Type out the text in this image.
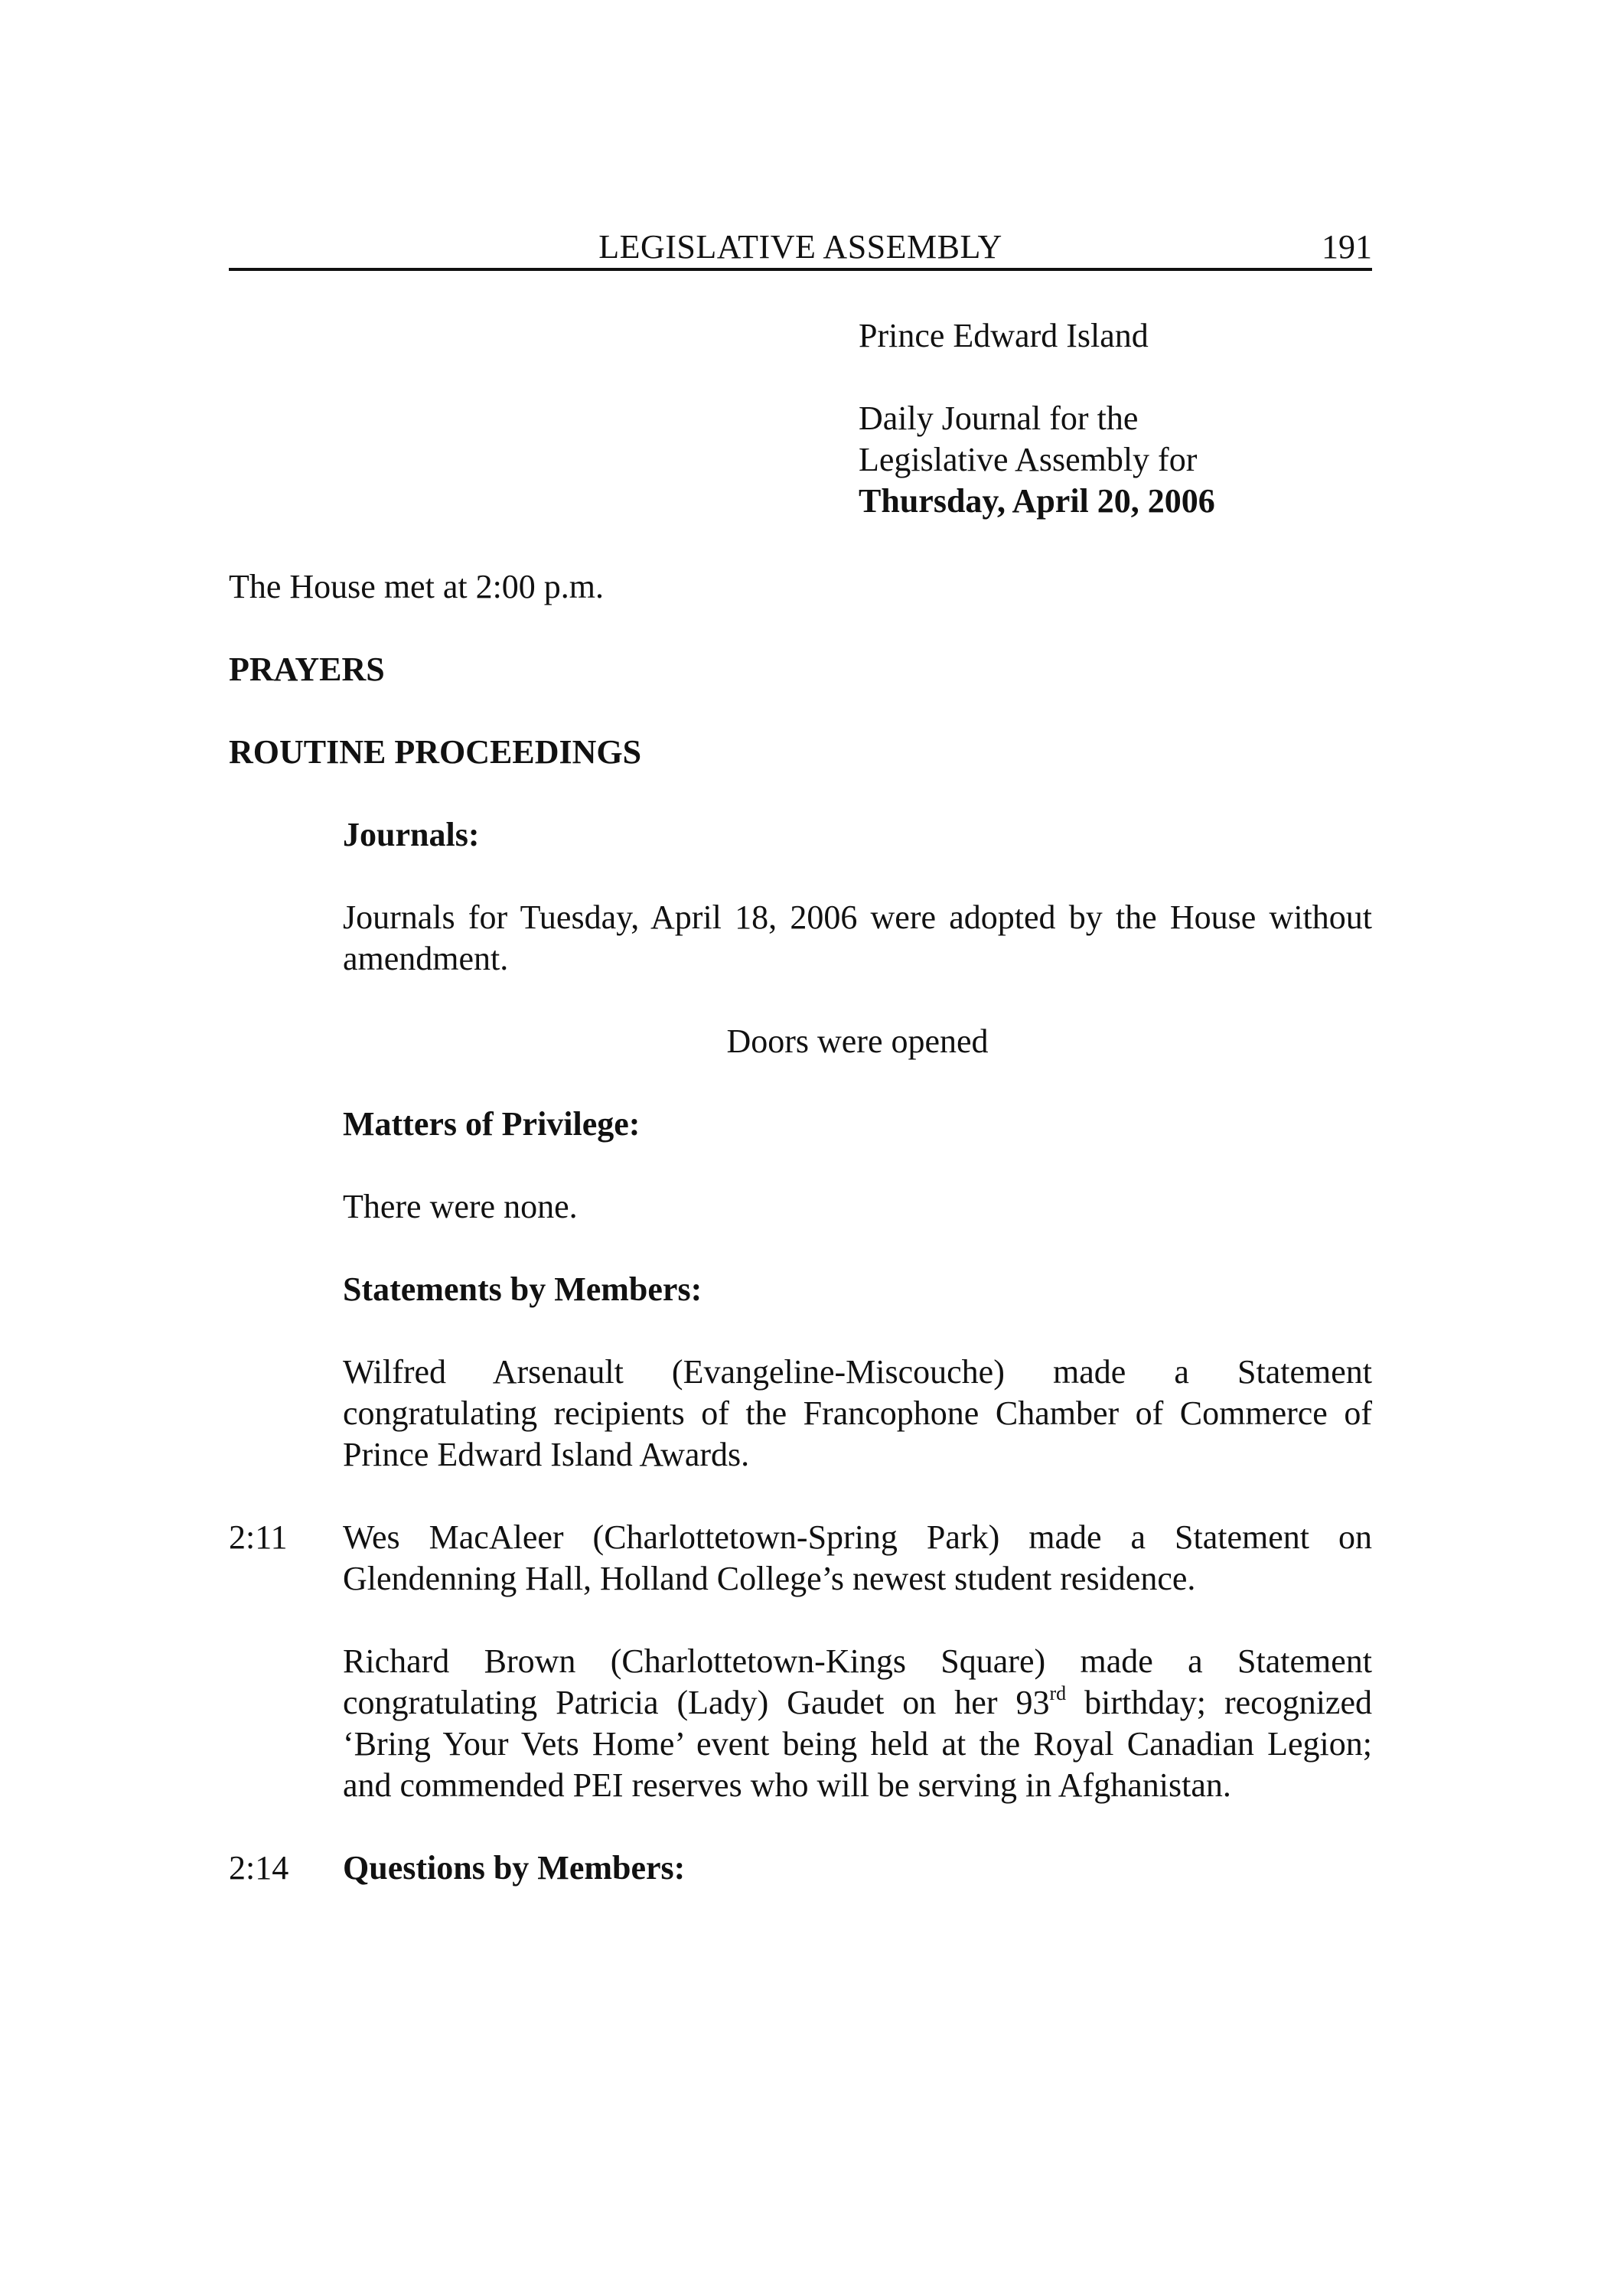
LEGISLATIVE ASSEMBLY	191
Prince Edward Island
Daily Journal for the
Legislative Assembly for
Thursday, April 20, 2006
The House met at 2:00 p.m.
PRAYERS
ROUTINE PROCEEDINGS
Journals:
Journals for Tuesday, April 18, 2006 were adopted by the House without amendment.
Doors were opened
Matters of Privilege:
There were none.
Statements by Members:
Wilfred Arsenault (Evangeline-Miscouche) made a Statement congratulating recipients of the Francophone Chamber of Commerce of Prince Edward Island Awards.
2:11 Wes MacAleer (Charlottetown-Spring Park) made a Statement on Glendenning Hall, Holland College’s newest student residence.
Richard Brown (Charlottetown-Kings Square) made a Statement congratulating Patricia (Lady) Gaudet on her 93rd birthday; recognized ‘Bring Your Vets Home’ event being held at the Royal Canadian Legion; and commended PEI reserves who will be serving in Afghanistan.
2:14 Questions by Members:
